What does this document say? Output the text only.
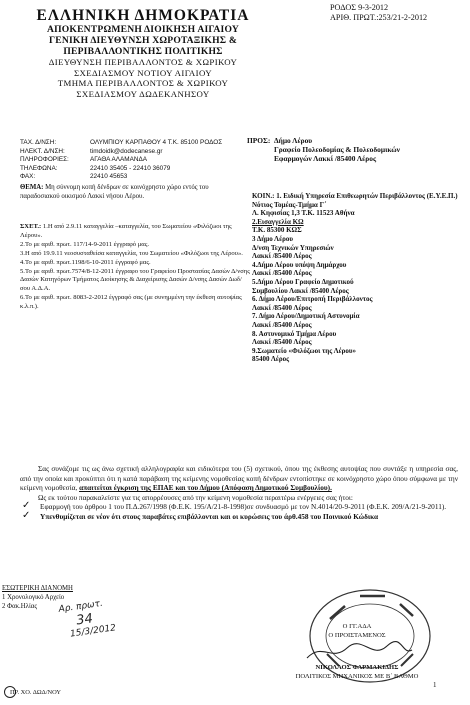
ΕΛΛΗΝΙΚΗ ΔΗΜΟΚΡΑΤΙΑ
ΑΠΟΚΕΝΤΡΩΜΕΝΗ ΔΙΟΙΚΗΣΗ ΑΙΓΑΙΟΥ
ΓΕΝΙΚΗ ΔΙΕΥΘΥΝΣΗ ΧΩΡΟΤΑΞΙΚΗΣ &
ΠΕΡΙΒΑΛΛΟΝΤΙΚΗΣ ΠΟΛΙΤΙΚΗΣ
ΔΙΕΥΘΥΝΣΗ ΠΕΡΙΒΑΛΛΟΝΤΟΣ & ΧΩΡΙΚΟΥ
ΣΧΕΔΙΑΣΜΟΥ ΝΟΤΙΟΥ ΑΙΓΑΙΟΥ
ΤΜΗΜΑ ΠΕΡΙΒΑΛΛΟΝΤΟΣ & ΧΩΡΙΚΟΥ
ΣΧΕΔΙΑΣΜΟΥ ΔΩΔΕΚΑΝΗΣΟΥ
ΡΟΔΟΣ 9-3-2012
ΑΡΙΘ. ΠΡΩΤ.:253/21-2-2012
ΤΑΧ. Δ/ΝΣΗ:	ΟΛΥΜΠΙΟΥ ΚΑΡΠΑΘΟΥ 4 Τ.Κ. 85100 ΡΟΔΟΣ
ΗΛΕΚΤ. Δ/ΝΣΗ:	timdoidk@dodecanese.gr
ΠΛΗΡΟΦΟΡΙΕΣ:	ΑΓΑΘΑ ΑΛΑΜΑΝΔΑ
ΤΗΛΕΦΩΝΑ:	22410 35405 - 22410 36079
ΦΑΧ:	22410 45653
ΠΡΟΣ: Δήμο Λέρου
Γραφείο Πολεοδομίας & Πολεοδομικών
Εφαρμογών Λακκί /85400 Λέρος
ΘΕΜΑ: Μη σύννομη κοπή δένδρων σε κοινόχρηστο χώρο εντός του παραδοσιακού οικισμού Λακκί νήσου Λέρου.

ΣΧΕΤ.: 1.Η από 2.9.11 καταγγελία –καταγγελία, του Σωματείου «Φιλόζωοι της Λέρου».

2.Το με αριθ. πρωτ. 117/14-9-2011 έγγραφό μας.

3.Η από 19.9.11 νεοσυσταθείσα καταγγελία, του Σωματείου «Φιλόζωοι της Λέρου».

4.Το με αριθ. πρωτ.1198/6-10-2011 έγγραφό μας.

5.Το με αριθ. πρωτ.7574/8-12-2011 έγγραφο του Γραφείου Προστασίας Δασών Δ/νσης Δασών Κατηγόρων Τμήματος Διοίκησης & Διαχείρισης Δασών Δ/νσης Δασών Δωδ/σου Α.Δ.Α.

6.Το με αριθ. πρωτ. 8083-2-2012 έγγραφό σας (με συνημμένη την έκθεση αυτοψίας κ.λ.π.).

ΚΟΙΝ.: 1. Ειδική Υπηρεσία Επιθεωρητών Περιβάλλοντος (Ε.Υ.Ε.Π.)

Νότιος Τομέας-Τμήμα Γ΄

Λ. Κηφισίας 1,3 Τ.Κ. 11523 Αθήνα

2.Εισαγγελία ΚΩ

Τ.Κ. 85300 ΚΩΣ

3 Δήμο Λέρου

Δ/νση Τεχνικών Υπηρεσιών

Λακκί /85400 Λέρος

4.Δήμο Λέρου υπόψη Δημάρχου

Λακκί /85400 Λέρος

5.Δήμο Λέρου Γραφείο Δημοτικού

Συμβουλίου Λακκί /85400 Λέρος

6. Δήμο Λέρου/Επιτροπή Περιβάλλοντος

Λακκί /85400 Λέρος

7. Δήμο Λέρου/Δημοτική Αστυνομία

Λακκί /85400 Λέρος

8. Αστυνομικό Τμήμα Λέρου

Λακκί /85400 Λέρος

9.Σωματείο «Φιλόζωοι της Λέρου»

85400 Λέρος

Σας συνάζομε τις ως άνω σχετική αλληλογραφία και ειδικότερα του (5) σχετικού, όπου της έκθεσης αυτοψίας που συντάξε η υπηρεσία σας, από την οποία και προκύπτει ότι η κατά παράβαση της κείμενης νομοθεσίας κοπή δένδρων εντοπίστηκε σε κοινόχρηστο χώρο όπου σύμφωνα με την κείμενη νομοθεσία, απαιτείται έγκριση της ΕΠΑΕ και του Δήμου (Απόφαση Δημοτικού Συμβουλίου).

Ως εκ τούτου παρακαλείστε για τις απορρέουσες από την κείμενη νομοθεσία περαιτέρω ενέργειες σας ήτοι:

✓ Εφαρμογή του άρθρου 1 του Π.Δ.267/1998 (Φ.Ε.Κ. 195/Α/21-8-1998)σε συνδυασμό με τον Ν.4014/20-9-2011 (Φ.Ε.Κ. 209/Α/21-9-2011).

✓ Υπενθυμίζεται σε νέον ότι στους παραβάτες επιβάλλονται και οι κυρώσεις του άρθ.458 του Ποινικού Κώδικα

ΕΣΩΤΕΡΙΚΗ ΔΙΑΝΟΜΗ
1 Χρονολογικό Αρχείο
2 Φακ.Ηλίας	Αρ. πρωτ.
34
15/3/2012	Ο ΓΓ.ΑΔΑ
Ο ΠΡΟΙΣΤΑΜΕΝΟΣ
ΝΙΚΟΛΑΟΣ ΦΑΡΜΑΚΙΔΗΣ
ΠΟΛΙΤΙΚΟΣ ΜΗΧΑΝΙΚΟΣ ΜΕ Β΄ ΒΑΘΜΟ
ΠΡ. ΧΟ. ΔΩΔ/ΝΟΥ
1
